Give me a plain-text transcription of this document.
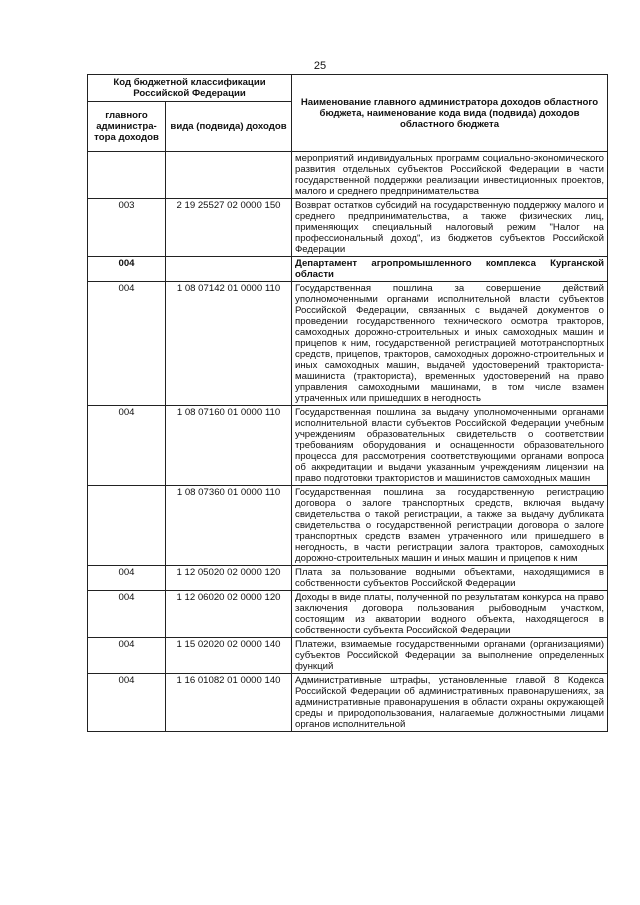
25
Код бюджетной классификации Российской Федерации		Наименование главного администратора доходов областного бюджета, наименование кода вида (подвида) доходов областного бюджета
главного администра-тора доходов	вида (подвида) доходов	
		мероприятий индивидуальных программ социально-экономического развития отдельных субъектов Российской Федерации в части государственной поддержки реализации инвестиционных проектов, малого и среднего предпринимательства
003	2 19 25527 02 0000 150	Возврат остатков субсидий на государственную поддержку малого и среднего предпринимательства, а также физических лиц, применяющих специальный налоговый режим "Налог на профессиональный доход", из бюджетов субъектов Российской Федерации
004		Департамент агропромышленного комплекса Курганской области
004	1 08 07142 01 0000 110	Государственная пошлина за совершение действий уполномоченными органами исполнительной власти субъектов Российской Федерации, связанных с выдачей документов о проведении государственного технического осмотра тракторов, самоходных дорожно-строительных и иных самоходных машин и прицепов к ним, государственной регистрацией мототранспортных средств, прицепов, тракторов, самоходных дорожно-строительных и иных самоходных машин, выдачей удостоверений тракториста-машиниста (тракториста), временных удостоверений на право управления самоходными машинами, в том числе взамен утраченных или пришедших в негодность
004	1 08 07160 01 0000 110	Государственная пошлина за выдачу уполномоченными органами исполнительной власти субъектов Российской Федерации учебным учреждениям образовательных свидетельств о соответствии требованиям оборудования и оснащенности образовательного процесса для рассмотрения соответствующими органами вопроса об аккредитации и выдачи указанным учреждениям лицензии на право подготовки трактористов и машинистов самоходных машин
	1 08 07360 01 0000 110	Государственная пошлина за государственную регистрацию договора о залоге транспортных средств, включая выдачу свидетельства о такой регистрации, а также за выдачу дубликата свидетельства о государственной регистрации договора о залоге транспортных средств взамен утраченного или пришедшего в негодность, в части регистрации залога тракторов, самоходных дорожно-строительных машин и иных машин и прицепов к ним
004	1 12 05020 02 0000 120	Плата за пользование водными объектами, находящимися в собственности субъектов Российской Федерации
004	1 12 06020 02 0000 120	Доходы в виде платы, полученной по результатам конкурса на право заключения договора пользования рыбоводным участком, состоящим из акватории водного объекта, находящегося в собственности субъекта Российской Федерации
004	1 15 02020 02 0000 140	Платежи, взимаемые государственными органами (организациями) субъектов Российской Федерации за выполнение определенных функций
004	1 16 01082 01 0000 140	Административные штрафы, установленные главой 8 Кодекса Российской Федерации об административных правонарушениях, за административные правонарушения в области охраны окружающей среды и природопользования, налагаемые должностными лицами органов исполнительной
